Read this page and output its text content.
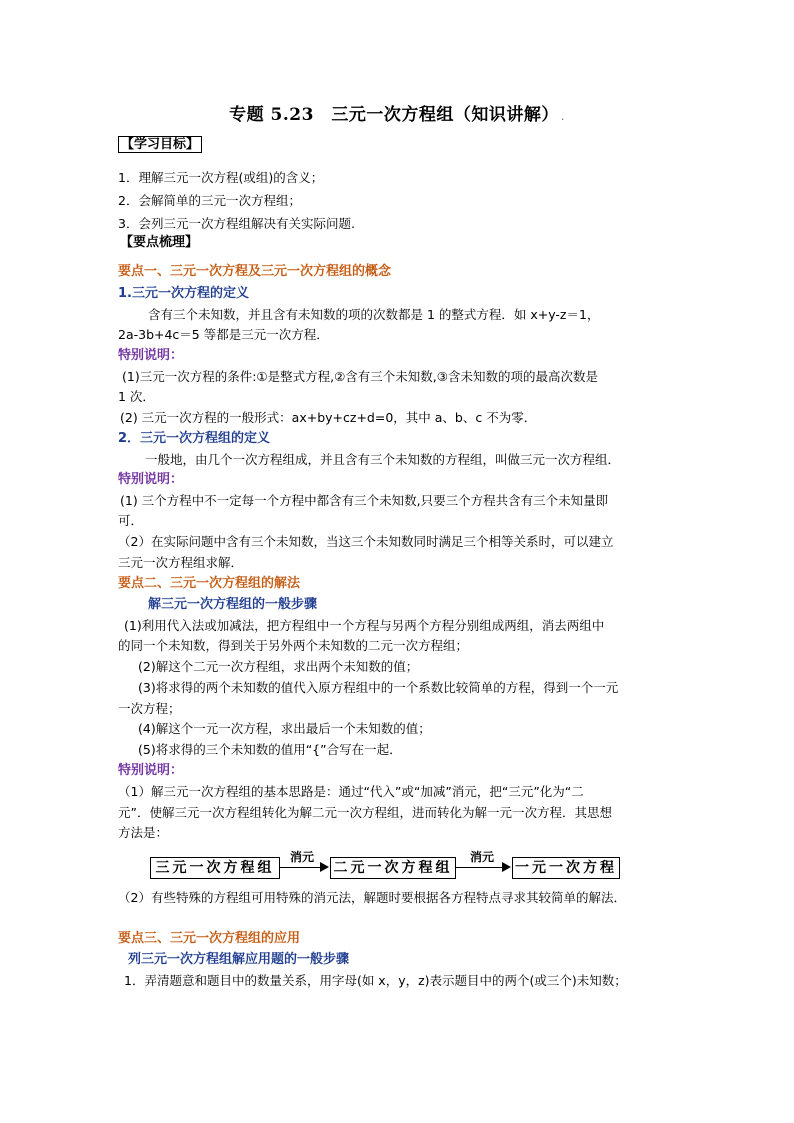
专题 5.23　三元一次方程组（知识讲解） .
【学习目标】
1．理解三元一次方程(或组)的含义；
2．会解简单的三元一次方程组；
3．会列三元一次方程组解决有关实际问题.
【要点梳理】
要点一、三元一次方程及三元一次方程组的概念
1.三元一次方程的定义
含有三个未知数，并且含有未知数的项的次数都是 1 的整式方程．如 x+y-z＝1，
2a-3b+4c＝5 等都是三元一次方程．
特别说明：
(1)三元一次方程的条件:①是整式方程,②含有三个未知数,③含未知数的项的最高次数是
1 次．
(2) 三元一次方程的一般形式：ax+by+cz+d=0，其中 a、b、c 不为零．
2．三元一次方程组的定义
一般地，由几个一次方程组成，并且含有三个未知数的方程组，叫做三元一次方程组．
特别说明：
(1) 三个方程中不一定每一个方程中都含有三个未知数,只要三个方程共含有三个未知量即
可．
（2）在实际问题中含有三个未知数，当这三个未知数同时满足三个相等关系时，可以建立
三元一次方程组求解．
要点二、三元一次方程组的解法
解三元一次方程组的一般步骤
(1)利用代入法或加减法，把方程组中一个方程与另两个方程分别组成两组，消去两组中
的同一个未知数，得到关于另外两个未知数的二元一次方程组；
(2)解这个二元一次方程组，求出两个未知数的值；
(3)将求得的两个未知数的值代入原方程组中的一个系数比较简单的方程，得到一个一元
一次方程；
(4)解这个一元一次方程，求出最后一个未知数的值；
(5)将求得的三个未知数的值用“{”合写在一起．
特别说明：
（1）解三元一次方程组的基本思路是：通过“代入”或“加减”消元，把“三元”化为“二
元”．使解三元一次方程组转化为解二元一次方程组，进而转化为解一元一次方程．其思想
方法是：
三元一次方程组
消元
二元一次方程组
消元
一元一次方程
（2）有些特殊的方程组可用特殊的消元法，解题时要根据各方程特点寻求其较简单的解法．
要点三、三元一次方程组的应用
列三元一次方程组解应用题的一般步骤
1．弄清题意和题目中的数量关系，用字母(如 x，y，z)表示题目中的两个(或三个)未知数；
